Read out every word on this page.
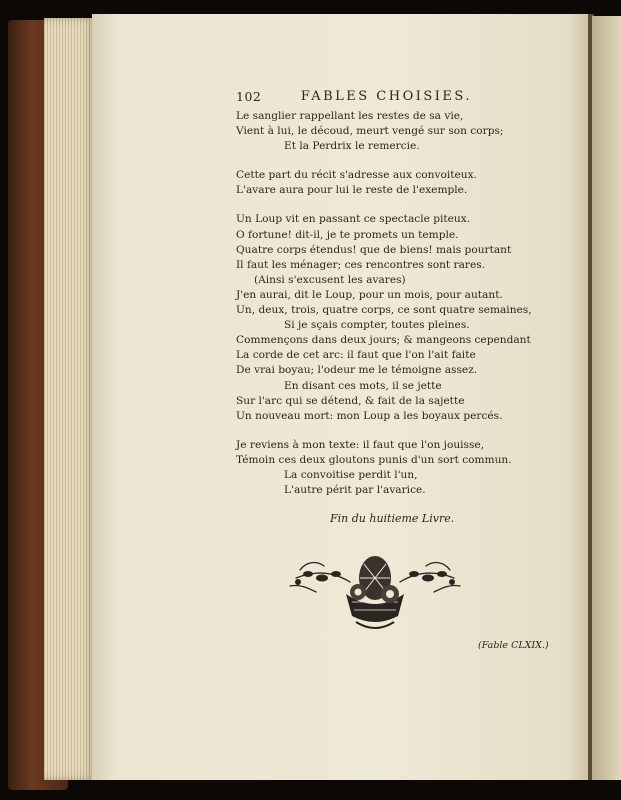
102	FABLES CHOISIES.
Le sanglier rappellant les restes de sa vie,
Vient à lui, le découd, meurt vengé sur son corps;
Et la Perdrix le remercie.
Cette part du récit s'adresse aux convoiteux.
L'avare aura pour lui le reste de l'exemple.
Un Loup vit en passant ce spectacle piteux.
O fortune! dit-il, je te promets un temple.
Quatre corps étendus! que de biens! mais pourtant
Il faut les ménager; ces rencontres sont rares.
(Ainsi s'excusent les avares)
J'en aurai, dit le Loup, pour un mois, pour autant.
Un, deux, trois, quatre corps, ce sont quatre semaines,
Si je sçais compter, toutes pleines.
Commençons dans deux jours; & mangeons cependant
La corde de cet arc: il faut que l'on l'ait faite
De vrai boyau; l'odeur me le témoigne assez.
En disant ces mots, il se jette
Sur l'arc qui se détend, & fait de la sajette
Un nouveau mort: mon Loup a les boyaux percés.
Je reviens à mon texte: il faut que l'on jouisse,
Témoin ces deux gloutons punis d'un sort commun.
La convoitise perdit l'un,
L'autre périt par l'avarice.
Fin du huitieme Livre.
(Fable CLXIX.)
